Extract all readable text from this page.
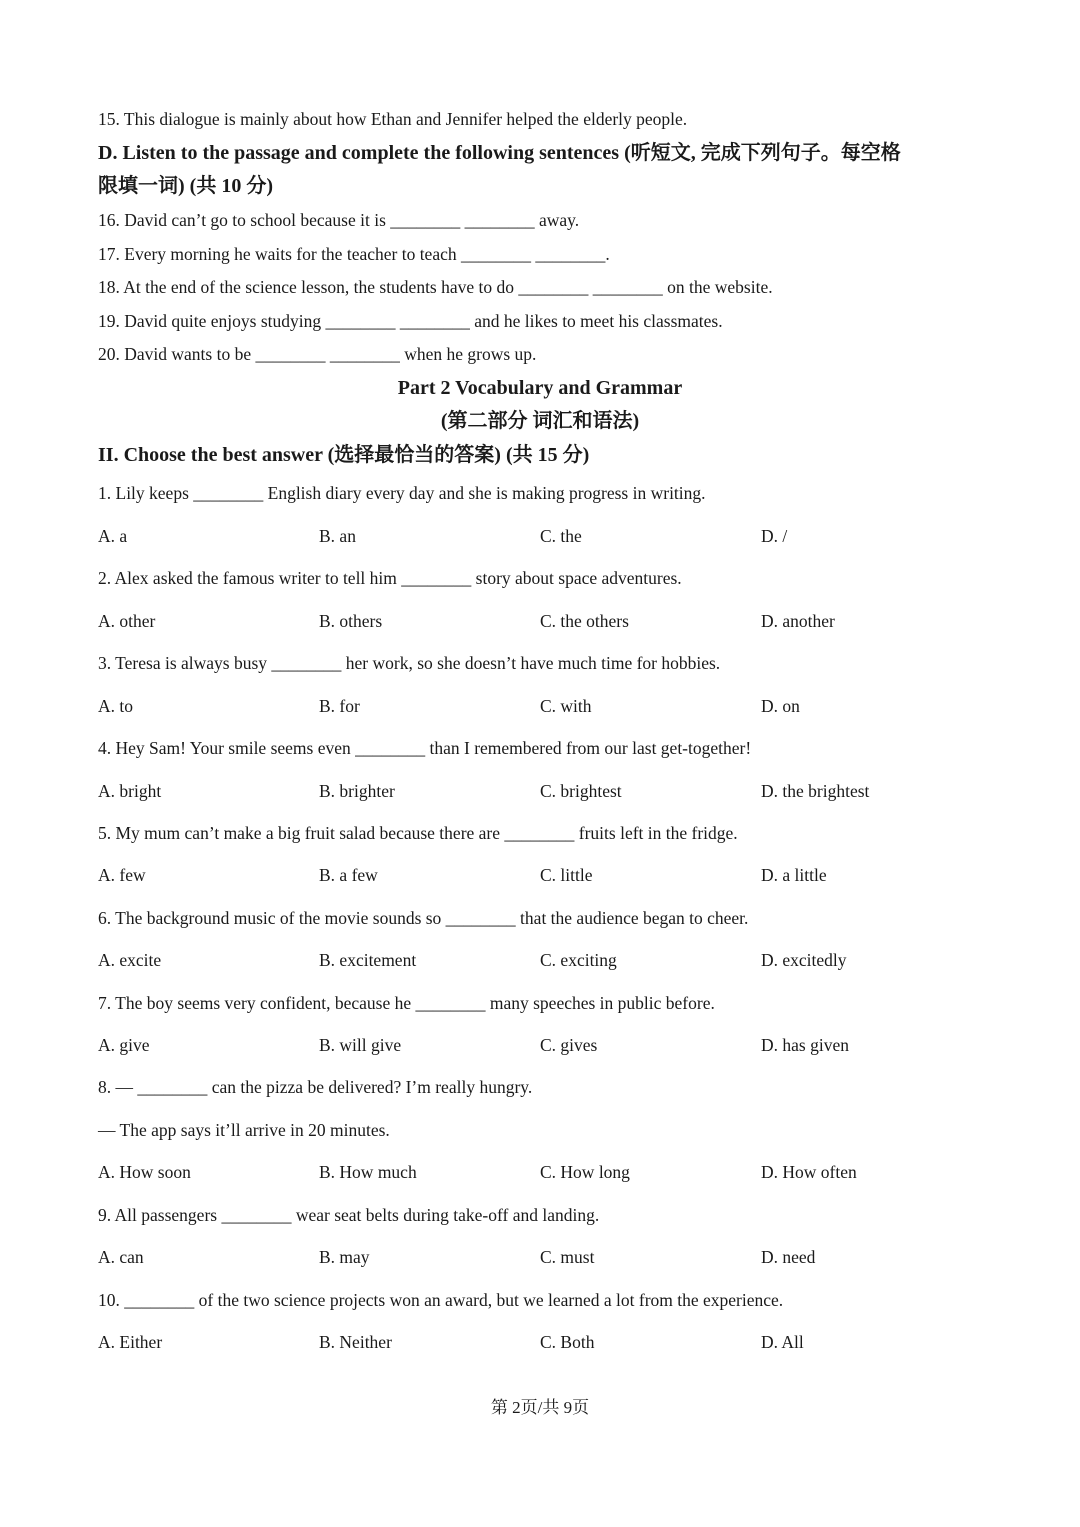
15. This dialogue is mainly about how Ethan and Jennifer helped the elderly people.
D. Listen to the passage and complete the following sentences (听短文, 完成下列句子。每空格
限填一词) (共 10 分)
16. David can’t go to school because it is ________ ________ away.
17. Every morning he waits for the teacher to teach ________ ________.
18. At the end of the science lesson, the students have to do ________ ________ on the website.
19. David quite enjoys studying ________ ________ and he likes to meet his classmates.
20. David wants to be ________ ________ when he grows up.
Part 2 Vocabulary and Grammar
(第二部分 词汇和语法)
II. Choose the best answer (选择最恰当的答案) (共 15 分)
1. Lily keeps ________ English diary every day and she is making progress in writing.
A. a	B. an	C. the	D. /
2. Alex asked the famous writer to tell him ________ story about space adventures.
A. other	B. others	C. the others	D. another
3. Teresa is always busy ________ her work, so she doesn’t have much time for hobbies.
A. to	B. for	C. with	D. on
4. Hey Sam! Your smile seems even ________ than I remembered from our last get-together!
A. bright	B. brighter	C. brightest	D. the brightest
5. My mum can’t make a big fruit salad because there are ________ fruits left in the fridge.
A. few	B. a few	C. little	D. a little
6. The background music of the movie sounds so ________ that the audience began to cheer.
A. excite	B. excitement	C. exciting	D. excitedly
7. The boy seems very confident, because he ________ many speeches in public before.
A. give	B. will give	C. gives	D. has given
8. — ________ can the pizza be delivered? I’m really hungry.
— The app says it’ll arrive in 20 minutes.
A. How soon	B. How much	C. How long	D. How often
9. All passengers ________ wear seat belts during take-off and landing.
A. can	B. may	C. must	D. need
10. ________ of the two science projects won an award, but we learned a lot from the experience.
A. Either	B. Neither	C. Both	D. All
第 2页/共 9页
